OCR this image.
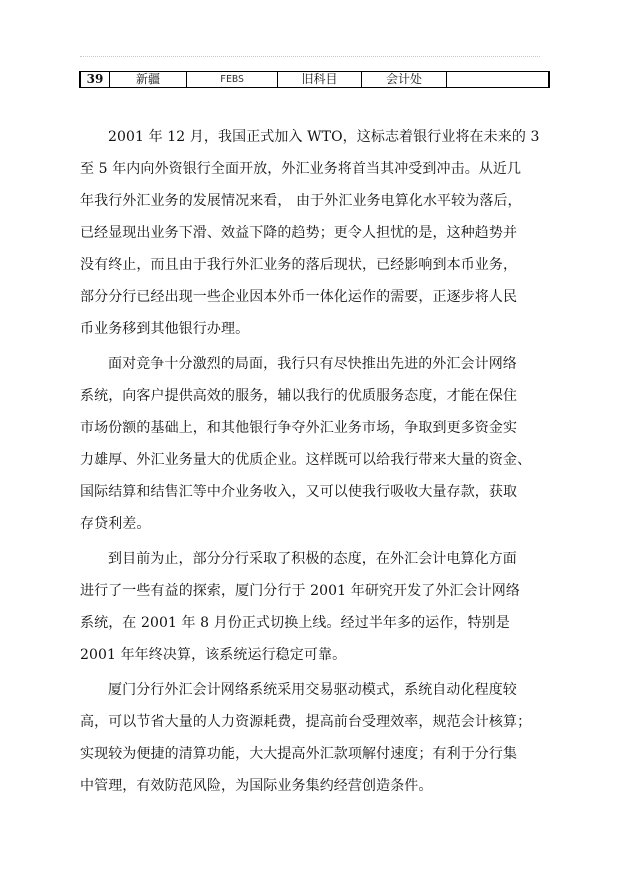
39	新疆	FEBS	旧科目	会计处	
2001 年 12 月，我国正式加入 WTO，这标志着银行业将在未来的 3
至 5 年内向外资银行全面开放，外汇业务将首当其冲受到冲击。从近几
年我行外汇业务的发展情况来看， 由于外汇业务电算化水平较为落后，
已经显现出业务下滑、效益下降的趋势；更令人担忧的是，这种趋势并
没有终止，而且由于我行外汇业务的落后现状，已经影响到本币业务，
部分分行已经出现一些企业因本外币一体化运作的需要，正逐步将人民
币业务移到其他银行办理。
面对竞争十分激烈的局面，我行只有尽快推出先进的外汇会计网络
系统，向客户提供高效的服务，辅以我行的优质服务态度，才能在保住
市场份额的基础上，和其他银行争夺外汇业务市场，争取到更多资金实
力雄厚、外汇业务量大的优质企业。这样既可以给我行带来大量的资金、
国际结算和结售汇等中介业务收入，又可以使我行吸收大量存款，获取
存贷利差。
到目前为止，部分分行采取了积极的态度，在外汇会计电算化方面
进行了一些有益的探索，厦门分行于 2001 年研究开发了外汇会计网络
系统，在 2001 年 8 月份正式切换上线。经过半年多的运作，特别是
2001 年年终决算，该系统运行稳定可靠。
厦门分行外汇会计网络系统采用交易驱动模式，系统自动化程度较
高，可以节省大量的人力资源耗费，提高前台受理效率，规范会计核算；
实现较为便捷的清算功能，大大提高外汇款项解付速度；有利于分行集
中管理，有效防范风险，为国际业务集约经营创造条件。
